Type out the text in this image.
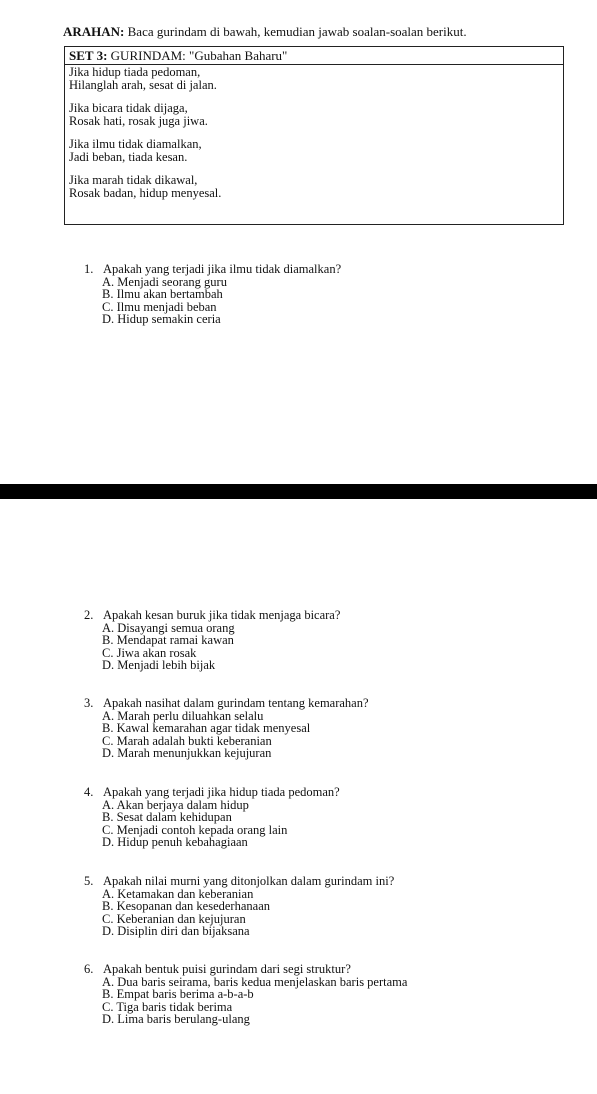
ARAHAN: Baca gurindam di bawah, kemudian jawab soalan-soalan berikut.
SET 3: GURINDAM: "Gubahan Baharu"
Jika hidup tiada pedoman,
Hilanglah arah, sesat di jalan.
Jika bicara tidak dijaga,
Rosak hati, rosak juga jiwa.
Jika ilmu tidak diamalkan,
Jadi beban, tiada kesan.
Jika marah tidak dikawal,
Rosak badan, hidup menyesal.
1. Apakah yang terjadi jika ilmu tidak diamalkan?
A. Menjadi seorang guru
B. Ilmu akan bertambah
C. Ilmu menjadi beban
D. Hidup semakin ceria
2. Apakah kesan buruk jika tidak menjaga bicara?
A. Disayangi semua orang
B. Mendapat ramai kawan
C. Jiwa akan rosak
D. Menjadi lebih bijak
3. Apakah nasihat dalam gurindam tentang kemarahan?
A. Marah perlu diluahkan selalu
B. Kawal kemarahan agar tidak menyesal
C. Marah adalah bukti keberanian
D. Marah menunjukkan kejujuran
4. Apakah yang terjadi jika hidup tiada pedoman?
A. Akan berjaya dalam hidup
B. Sesat dalam kehidupan
C. Menjadi contoh kepada orang lain
D. Hidup penuh kebahagiaan
5. Apakah nilai murni yang ditonjolkan dalam gurindam ini?
A. Ketamakan dan keberanian
B. Kesopanan dan kesederhanaan
C. Keberanian dan kejujuran
D. Disiplin diri dan bijaksana
6. Apakah bentuk puisi gurindam dari segi struktur?
A. Dua baris seirama, baris kedua menjelaskan baris pertama
B. Empat baris berima a-b-a-b
C. Tiga baris tidak berima
D. Lima baris berulang-ulang
